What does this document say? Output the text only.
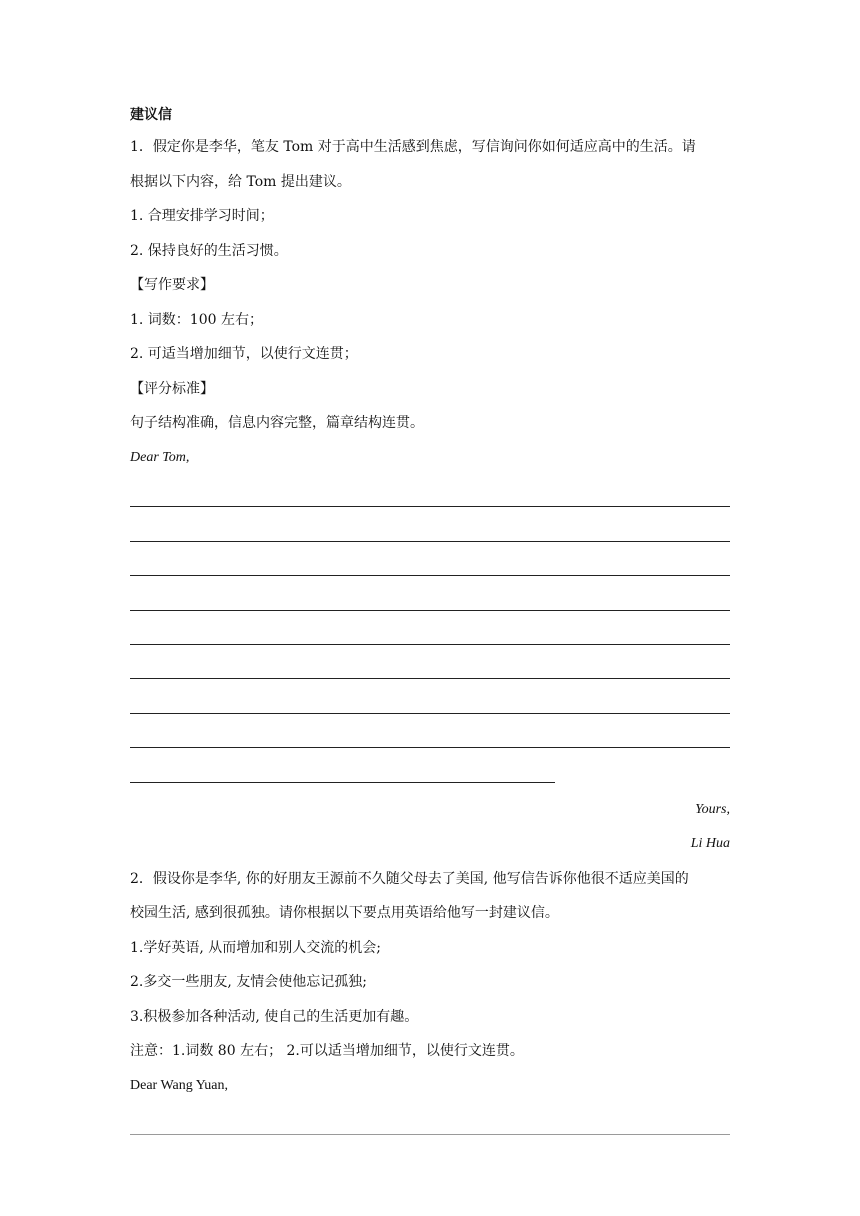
建议信
1．假定你是李华，笔友 Tom 对于高中生活感到焦虑，写信询问你如何适应高中的生活。请
根据以下内容，给 Tom 提出建议。
1. 合理安排学习时间；
2. 保持良好的生活习惯。
【写作要求】
1. 词数：100 左右；
2. 可适当增加细节，以使行文连贯；
【评分标准】
句子结构准确，信息内容完整，篇章结构连贯。
Dear Tom,
Yours,
Li Hua
2．假设你是李华, 你的好朋友王源前不久随父母去了美国, 他写信告诉你他很不适应美国的
校园生活, 感到很孤独。请你根据以下要点用英语给他写一封建议信。
1.学好英语, 从而增加和别人交流的机会;
2.多交一些朋友, 友情会使他忘记孤独;
3.积极参加各种活动, 使自己的生活更加有趣。
注意：1.词数 80 左右； 2.可以适当增加细节，以使行文连贯。
Dear Wang Yuan,
